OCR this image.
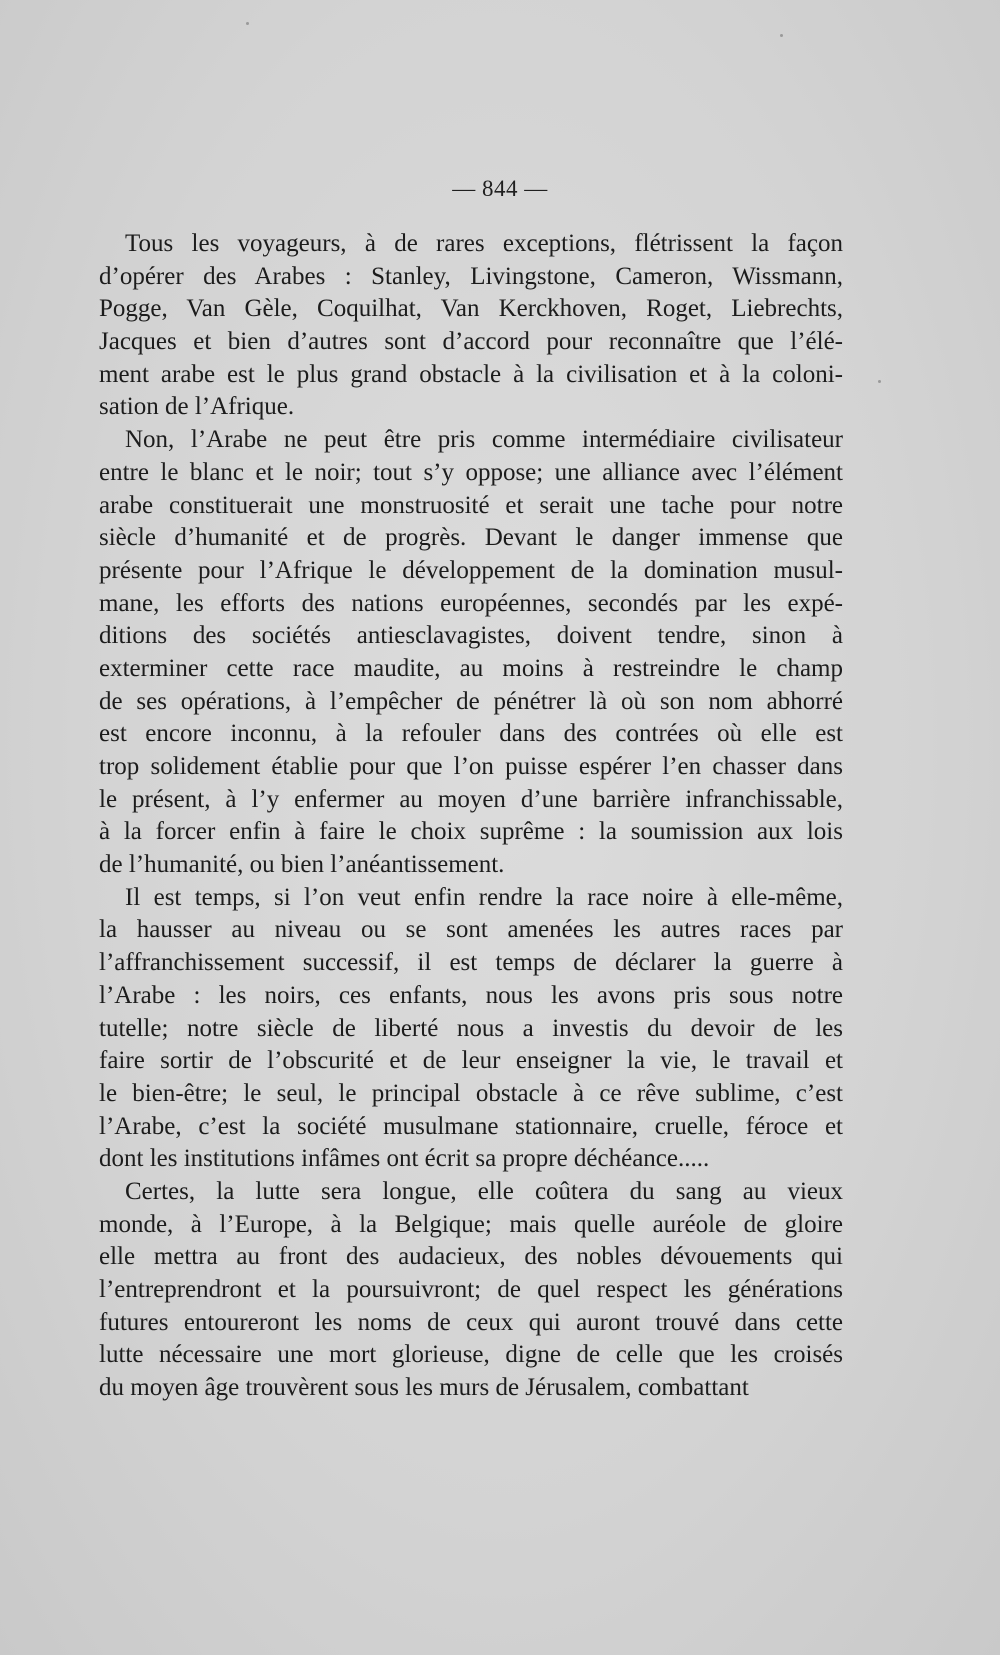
— 844 —
Tous les voyageurs, à de rares exceptions, flétrissent la façon
d’opérer des Arabes : Stanley, Livingstone, Cameron, Wissmann,
Pogge, Van Gèle, Coquilhat, Van Kerckhoven, Roget, Liebrechts,
Jacques et bien d’autres sont d’accord pour reconnaître que l’élé-
ment arabe est le plus grand obstacle à la civilisation et à la coloni-
sation de l’Afrique.
Non, l’Arabe ne peut être pris comme intermédiaire civilisateur
entre le blanc et le noir; tout s’y oppose; une alliance avec l’élément
arabe constituerait une monstruosité et serait une tache pour notre
siècle d’humanité et de progrès. Devant le danger immense que
présente pour l’Afrique le développement de la domination musul-
mane, les efforts des nations européennes, secondés par les expé-
ditions des sociétés antiesclavagistes, doivent tendre, sinon à
exterminer cette race maudite, au moins à restreindre le champ
de ses opérations, à l’empêcher de pénétrer là où son nom abhorré
est encore inconnu, à la refouler dans des contrées où elle est
trop solidement établie pour que l’on puisse espérer l’en chasser dans
le présent, à l’y enfermer au moyen d’une barrière infranchissable,
à la forcer enfin à faire le choix suprême : la soumission aux lois
de l’humanité, ou bien l’anéantissement.
Il est temps, si l’on veut enfin rendre la race noire à elle-même,
la hausser au niveau ou se sont amenées les autres races par
l’affranchissement successif, il est temps de déclarer la guerre à
l’Arabe : les noirs, ces enfants, nous les avons pris sous notre
tutelle; notre siècle de liberté nous a investis du devoir de les
faire sortir de l’obscurité et de leur enseigner la vie, le travail et
le bien-être; le seul, le principal obstacle à ce rêve sublime, c’est
l’Arabe, c’est la société musulmane stationnaire, cruelle, féroce et
dont les institutions infâmes ont écrit sa propre déchéance.....
Certes, la lutte sera longue, elle coûtera du sang au vieux
monde, à l’Europe, à la Belgique; mais quelle auréole de gloire
elle mettra au front des audacieux, des nobles dévouements qui
l’entreprendront et la poursuivront; de quel respect les générations
futures entoureront les noms de ceux qui auront trouvé dans cette
lutte nécessaire une mort glorieuse, digne de celle que les croisés
du moyen âge trouvèrent sous les murs de Jérusalem, combattant
